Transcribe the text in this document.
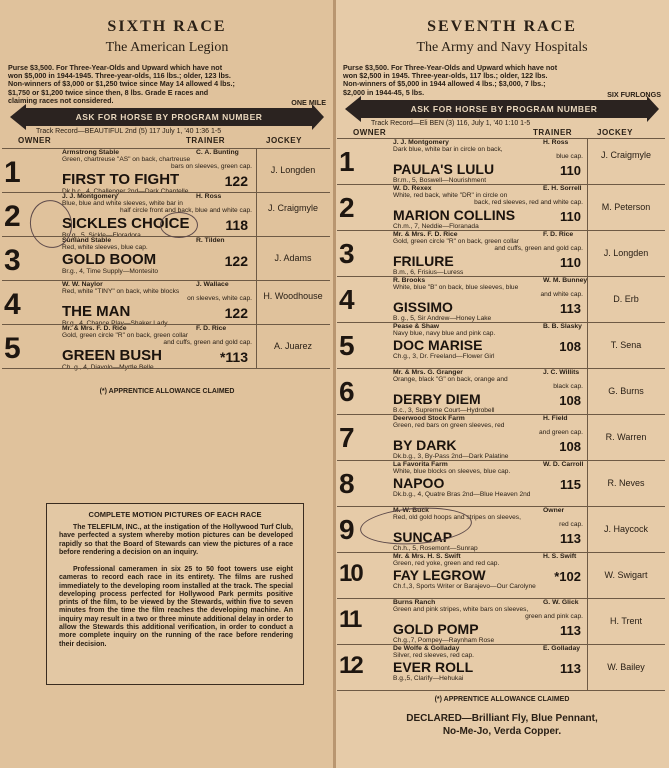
SIXTH RACE
The American Legion
Purse $3,500. For Three-Year-Olds and Upward which have not
won $5,000 in 1944-1945. Three-year-olds, 116 lbs.; older, 123 lbs.
Non-winners of $3,000 or $1,250 twice since May 14 allowed 4 lbs.;
$1,750 or $1,200 twice since then, 8 lbs. Grade E races and
claiming races not considered.	ONE MILE
ASK FOR HORSE BY PROGRAM NUMBER
Track Record—BEAUTIFUL 2nd (5) 117 July 1, '40 1:36 1-5
OWNER	TRAINER	JOCKEY
1
Armstrong Stable	C. A. Bunting
Green, chartreuse "AS" on back, chartreuse
bars on sleeves, green cap.
FIRST TO FIGHT	122
Dk.b.c., 4, Challenger 2nd—Dark Chantelle
J. Longden
2
J. J. Montgomery	H. Ross
Blue, blue and white sleeves, white bar in
half circle front and back, blue and white cap.
SICKLES CHOICE	118
Br. g., 5, Sickle—Floradora
J. Craigmyle
3
Sunland Stable	R. Tilden
Red, white sleeves, blue cap.
GOLD BOOM	122
Br.g., 4, Time Supply—Montesito
J. Adams
4
W. W. Naylor	J. Wallace
Red, white "TINY" on back, white blocks
on sleeves, white cap.
THE MAN	122
Br.g., 4, Chance Play—Shaker Lady
H. Woodhouse
5
Mr. & Mrs. F. D. Rice	F. D. Rice
Gold, green circle "R" on back, green collar
and cuffs, green and gold cap.
GREEN BUSH	*113
Ch. g., 4, Diavolo—Myrtle Belle
A. Juarez
(*) APPRENTICE ALLOWANCE CLAIMED
SEVENTH RACE
The Army and Navy Hospitals
Purse $3,500. For Three-Year-Olds and Upward which have not
won $2,500 in 1945. Three-year-olds, 117 lbs.; older, 122 lbs.
Non-winners of $5,000 in 1944 allowed 4 lbs.; $3,000, 7 lbs.;
$2,000 in 1944-45, 5 lbs.	SIX FURLONGS
ASK FOR HORSE BY PROGRAM NUMBER
Track Record—Eli BEN (3) 116, July 1, '40 1:10 1-5
OWNER	TRAINER	JOCKEY
1
J. J. Montgomery	H. Ross
Dark blue, white bar in circle on back,
blue cap.
PAULA'S LULU	110
Br.m., 5, Boswell—Nourishment
J. Craigmyle
2
W. D. Rexex	E. H. Sorrell
White, red back, white "DR" in circle on
back, red sleeves, red and white cap.
MARION COLLINS	110
Ch.m., 7, Neddie—Floranada
M. Peterson
3
Mr. & Mrs. F. D. Rice	F. D. Rice
Gold, green circle "R" on back, green collar
and cuffs, green and gold cap.
FRILURE	110
B.m., 6, Frisius—Luress
J. Longden
4
R. Brooks	W. M. Bunney
White, blue "B" on back, blue sleeves, blue
and white cap.
GISSIMO	113
B. g., 5, Sir Andrew—Honey Lake
D. Erb
5
Pease & Shaw	B. B. Slasky
Navy blue, navy blue and pink cap.
DOC MARISE	108
Ch.g., 3, Dr. Freeland—Flower Girl
T. Sena
6
Mr. & Mrs. G. Granger	J. C. Willits
Orange, black "G" on back, orange and
black cap.
DERBY DIEM	108
B.c., 3, Supreme Court—Hydrobell
G. Burns
7
Deerwood Stock Farm	H. Field
Green, red bars on green sleeves, red
and green cap.
BY DARK	108
Dk.b.g., 3, By-Pass 2nd—Dark Palatine
R. Warren
8
La Favorita Farm	W. D. Carroll
White, blue blocks on sleeves, blue cap.
NAPOO	115
Dk.b.g., 4, Quatre Bras 2nd—Blue Heaven 2nd
R. Neves
9
M. W. Buck	Owner
Red, old gold hoops and stripes on sleeves,
red cap.
SUNCAP	113
Ch.h., 5, Rosemont—Sunrap
J. Haycock
10
Mr. & Mrs. H. S. Swift	H. S. Swift
Green, red yoke, green and red cap.
FAY LEGROW	*102
Ch.f.,3, Sports Writer or Barajevo—Our Carolyne
W. Swigart
11
Burns Ranch	G. W. Glick
Green and pink stripes, white bars on sleeves,
green and pink cap.
GOLD POMP	113
Ch.g.,7, Pompey—Raynham Rose
H. Trent
12
De Wolfe & Golladay	E. Golladay
Silver, red sleeves, red cap.
EVER ROLL	113
B.g.,5, Clarify—Hehukai
W. Bailey
(*) APPRENTICE ALLOWANCE CLAIMED
COMPLETE MOTION PICTURES OF EACH RACE
The TELEFILM, INC., at the instigation of the Hollywood Turf Club, have perfected a system whereby motion pictures can be developed rapidly so that the Board of Stewards can view the pictures of a race before rendering a decision on an inquiry.
Professional cameramen in six 25 to 50 foot towers use eight cameras to record each race in its entirety. The films are rushed immediately to the developing room installed at the track. The special developing process perfected for Hollywood Park permits positive prints of the film, to be viewed by the Stewards, within five to seven minutes from the time the film reaches the developing machine. An inquiry may result in a two or three minute additional delay in order to allow the Stewards this additional verification, in order to conduct a more complete inquiry on the running of the race before rendering their decision.
DECLARED—Brilliant Fly, Blue Pennant,
No-Me-Jo, Verda Copper.
